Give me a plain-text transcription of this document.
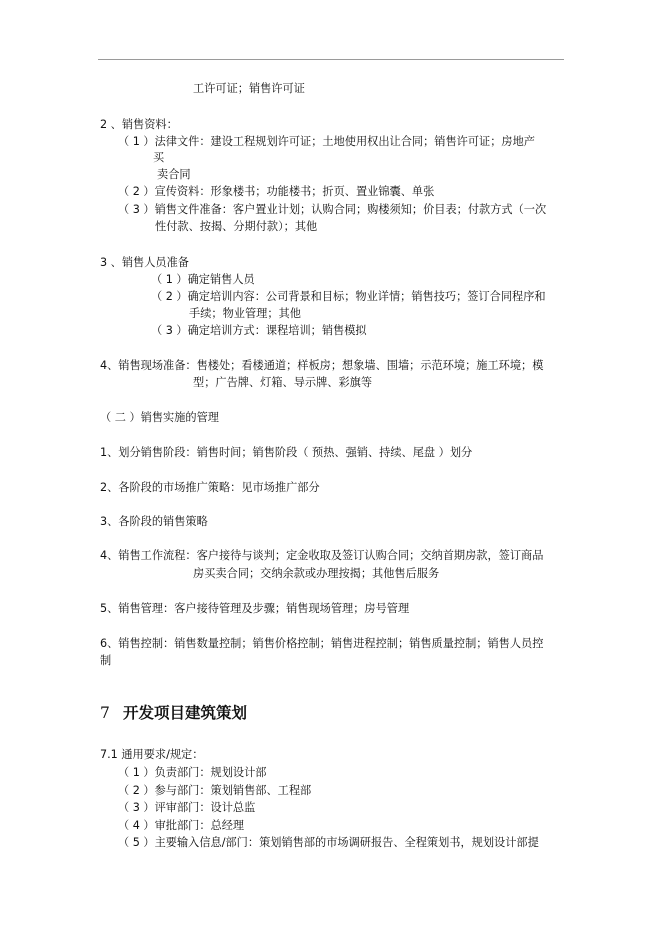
工许可证；销售许可证
2 、销售资料：
（ 1 ）法律文件：建设工程规划许可证；土地使用权出让合同；销售许可证；房地产
买
卖合同
（ 2 ）宣传资料：形象楼书；功能楼书；折页、置业锦囊、单张
（ 3 ）销售文件准备：客户置业计划；认购合同；购楼须知；价目表；付款方式（一次
性付款、按揭、分期付款）；其他
3 、销售人员准备
（ 1 ）确定销售人员
（ 2 ）确定培训内容：公司背景和目标；物业详情；销售技巧；签订合同程序和
手续；物业管理；其他
（ 3 ）确定培训方式：课程培训；销售模拟
4、销售现场准备：售楼处；看楼通道；样板房；想象墙、围墙；示范环境；施工环境；模
型；广告牌、灯箱、导示牌、彩旗等
（ 二 ）销售实施的管理
1、划分销售阶段：销售时间；销售阶段（ 预热、强销、持续、尾盘 ）划分
2、各阶段的市场推广策略：见市场推广部分
3、各阶段的销售策略
4、销售工作流程：客户接待与谈判；定金收取及签订认购合同；交纳首期房款，签订商品
房买卖合同；交纳余款或办理按揭；其他售后服务
5、销售管理：客户接待管理及步骤；销售现场管理；房号管理
6、销售控制：销售数量控制；销售价格控制；销售进程控制；销售质量控制；销售人员控
制
7 开发项目建筑策划
7.1 通用要求/规定：
（ 1 ）负责部门：规划设计部
（ 2 ）参与部门：策划销售部、工程部
（ 3 ）评审部门：设计总监
（ 4 ）审批部门：总经理
（ 5 ）主要输入信息/部门：策划销售部的市场调研报告、全程策划书，规划设计部提
